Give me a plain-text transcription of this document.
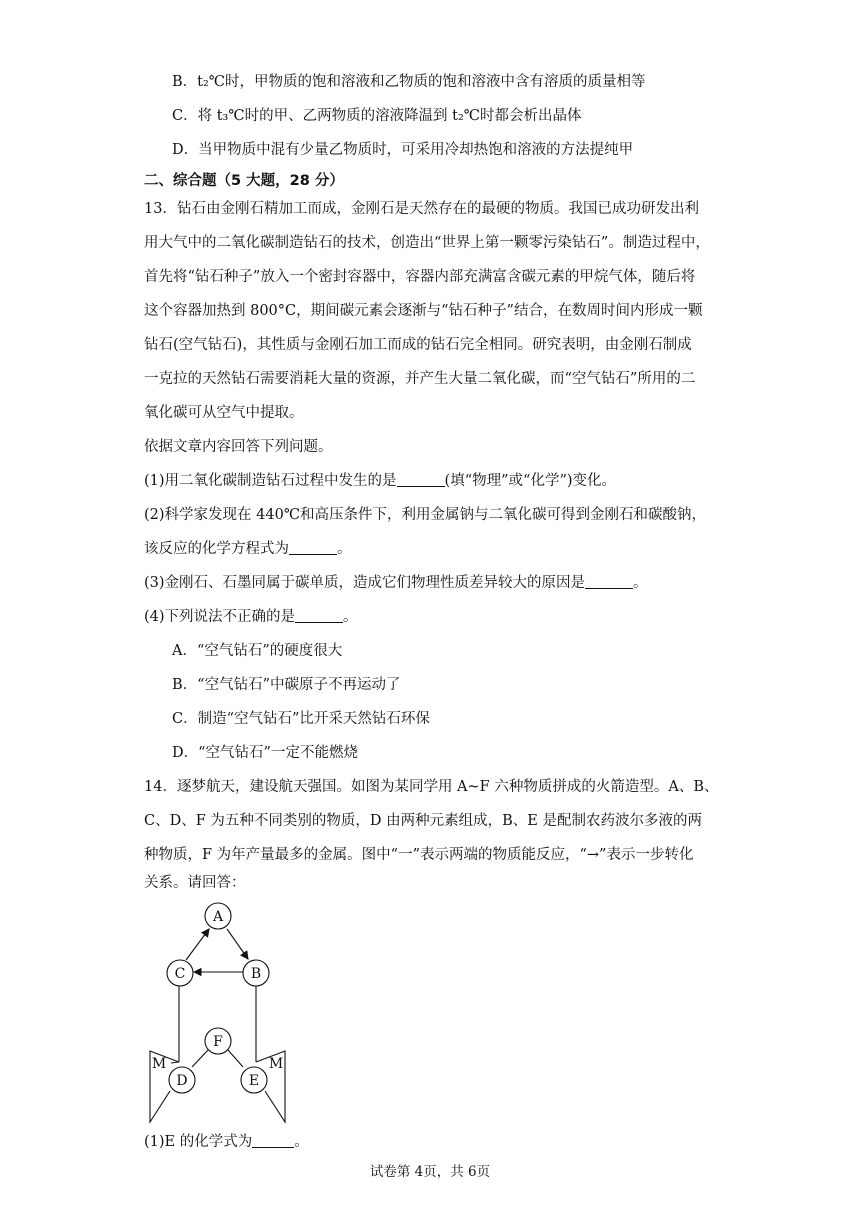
B．t₂℃时，甲物质的饱和溶液和乙物质的饱和溶液中含有溶质的质量相等
C．将 t₃℃时的甲、乙两物质的溶液降温到 t₂℃时都会析出晶体
D．当甲物质中混有少量乙物质时，可采用冷却热饱和溶液的方法提纯甲
二、综合题（5 大题，28 分）
13．钻石由金刚石精加工而成，金刚石是天然存在的最硬的物质。我国已成功研发出利
用大气中的二氧化碳制造钻石的技术，创造出“世界上第一颗零污染钻石”。制造过程中，
首先将“钻石种子”放入一个密封容器中，容器内部充满富含碳元素的甲烷气体，随后将
这个容器加热到 800°C，期间碳元素会逐渐与“钻石种子”结合，在数周时间内形成一颗
钻石(空气钻石)，其性质与金刚石加工而成的钻石完全相同。研究表明，由金刚石制成
一克拉的天然钻石需要消耗大量的资源，并产生大量二氧化碳，而“空气钻石”所用的二
氧化碳可从空气中提取。
依据文章内容回答下列问题。
(1)用二氧化碳制造钻石过程中发生的是	(填“物理”或“化学”)变化。
(2)科学家发现在 440℃和高压条件下，利用金属钠与二氧化碳可得到金刚石和碳酸钠，
该反应的化学方程式为	。
(3)金刚石、石墨同属于碳单质，造成它们物理性质差异较大的原因是	。
(4)下列说法不正确的是	。
A．“空气钻石”的硬度很大
B．“空气钻石”中碳原子不再运动了
C．制造“空气钻石”比开采天然钻石环保
D．“空气钻石”一定不能燃烧
14．逐梦航天，建设航天强国。如图为某同学用 A~F 六种物质拼成的火箭造型。A、B、
C、D、F 为五种不同类别的物质，D 由两种元素组成，B、E 是配制农药波尔多液的两
种物质，F 为年产量最多的金属。图中“一”表示两端的物质能反应，“→”表示一步转化
关系。请回答：
A
C	B
F
D	E
M	M
(1)E 的化学式为	。
试卷第 4页，共 6页
